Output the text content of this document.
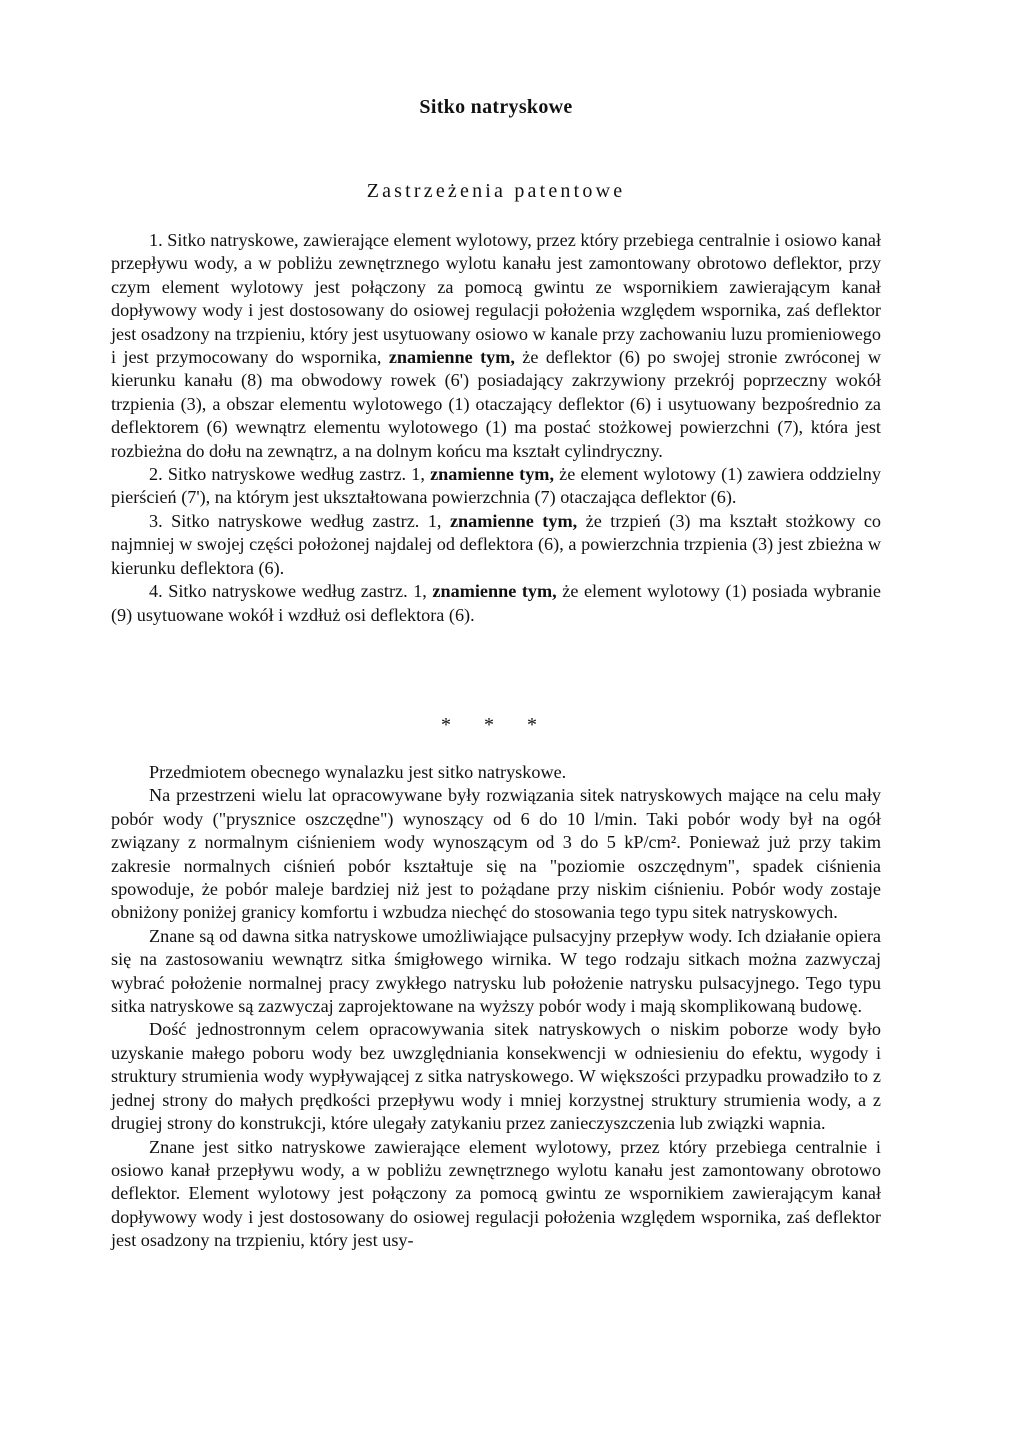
Sitko natryskowe
Zastrzeżenia patentowe

1. Sitko natryskowe, zawierające element wylotowy, przez który przebiega centralnie i osiowo kanał przepływu wody, a w pobliżu zewnętrznego wylotu kanału jest zamontowany obrotowo deflektor, przy czym element wylotowy jest połączony za pomocą gwintu ze wspornikiem zawierającym kanał dopływowy wody i jest dostosowany do osiowej regulacji położenia względem wspornika, zaś deflektor jest osadzony na trzpieniu, który jest usytuowany osiowo w kanale przy zachowaniu luzu promieniowego i jest przymocowany do wspornika, znamienne tym, że deflektor (6) po swojej stronie zwróconej w kierunku kanału (8) ma obwodowy rowek (6') posiadający zakrzywiony przekrój poprzeczny wokół trzpienia (3), a obszar elementu wylotowego (1) otaczający deflektor (6) i usytuowany bezpośrednio za deflektorem (6) wewnątrz elementu wylotowego (1) ma postać stożkowej powierzchni (7), która jest rozbieżna do dołu na zewnątrz, a na dolnym końcu ma kształt cylindryczny.

2. Sitko natryskowe według zastrz. 1, znamienne tym, że element wylotowy (1) zawiera oddzielny pierścień (7'), na którym jest ukształtowana powierzchnia (7) otaczająca deflektor (6).

3. Sitko natryskowe według zastrz. 1, znamienne tym, że trzpień (3) ma kształt stożkowy co najmniej w swojej części położonej najdalej od deflektora (6), a powierzchnia trzpienia (3) jest zbieżna w kierunku deflektora (6).

4. Sitko natryskowe według zastrz. 1, znamienne tym, że element wylotowy (1) posiada wybranie (9) usytuowane wokół i wzdłuż osi deflektora (6).

* * *

Przedmiotem obecnego wynalazku jest sitko natryskowe.

Na przestrzeni wielu lat opracowywane były rozwiązania sitek natryskowych mające na celu mały pobór wody ("prysznice oszczędne") wynoszący od 6 do 10 l/min. Taki pobór wody był na ogół związany z normalnym ciśnieniem wody wynoszącym od 3 do 5 kP/cm². Ponieważ już przy takim zakresie normalnych ciśnień pobór kształtuje się na "poziomie oszczędnym", spadek ciśnienia spowoduje, że pobór maleje bardziej niż jest to pożądane przy niskim ciśnieniu. Pobór wody zostaje obniżony poniżej granicy komfortu i wzbudza niechęć do stosowania tego typu sitek natryskowych.

Znane są od dawna sitka natryskowe umożliwiające pulsacyjny przepływ wody. Ich działanie opiera się na zastosowaniu wewnątrz sitka śmigłowego wirnika. W tego rodzaju sitkach można zazwyczaj wybrać położenie normalnej pracy zwykłego natrysku lub położenie natrysku pulsacyjnego. Tego typu sitka natryskowe są zazwyczaj zaprojektowane na wyższy pobór wody i mają skomplikowaną budowę.

Dość jednostronnym celem opracowywania sitek natryskowych o niskim poborze wody było uzyskanie małego poboru wody bez uwzględniania konsekwencji w odniesieniu do efektu, wygody i struktury strumienia wody wypływającej z sitka natryskowego. W większości przypadku prowadziło to z jednej strony do małych prędkości przepływu wody i mniej korzystnej struktury strumienia wody, a z drugiej strony do konstrukcji, które ulegały zatykaniu przez zanieczyszczenia lub związki wapnia.

Znane jest sitko natryskowe zawierające element wylotowy, przez który przebiega centralnie i osiowo kanał przepływu wody, a w pobliżu zewnętrznego wylotu kanału jest zamontowany obrotowo deflektor. Element wylotowy jest połączony za pomocą gwintu ze wspornikiem zawierającym kanał dopływowy wody i jest dostosowany do osiowej regulacji położenia względem wspornika, zaś deflektor jest osadzony na trzpieniu, który jest usy-
